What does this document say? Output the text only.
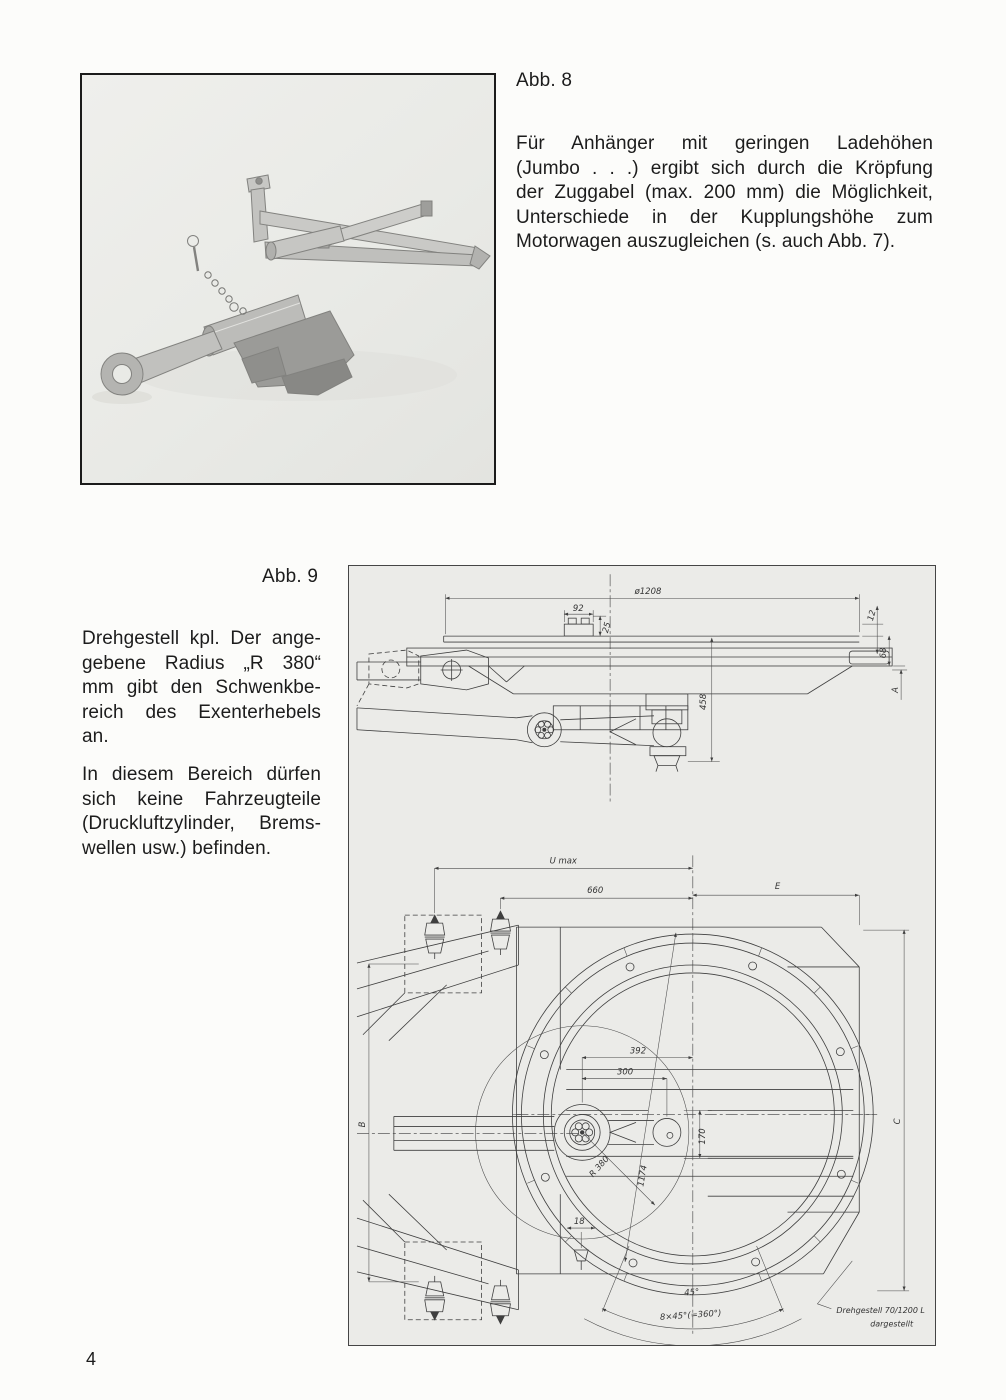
Abb. 8
Für Anhänger mit geringen Ladehöhen
(Jumbo . . .) ergibt sich durch die Kröpfung
der Zuggabel (max. 200 mm) die Möglichkeit,
Unterschiede in der Kupplungshöhe zum
Motorwagen auszugleichen (s. auch Abb. 7).
Abb. 9
Drehgestell kpl. Der ange-
gebene Radius „R 380“
mm gibt den Schwenkbe-
reich des Exenterhebels
an.
In diesem Bereich dürfen
sich keine Fahrzeugteile
(Druckluftzylinder, Brems-
wellen usw.) befinden.
ø1208
92
25
12
68
A
458
U max
660	E
B
C
392
300
170
R 380	1174
18
45°
8×45°(=360°)	Drehgestell 70/1200 L
dargestellt
4
